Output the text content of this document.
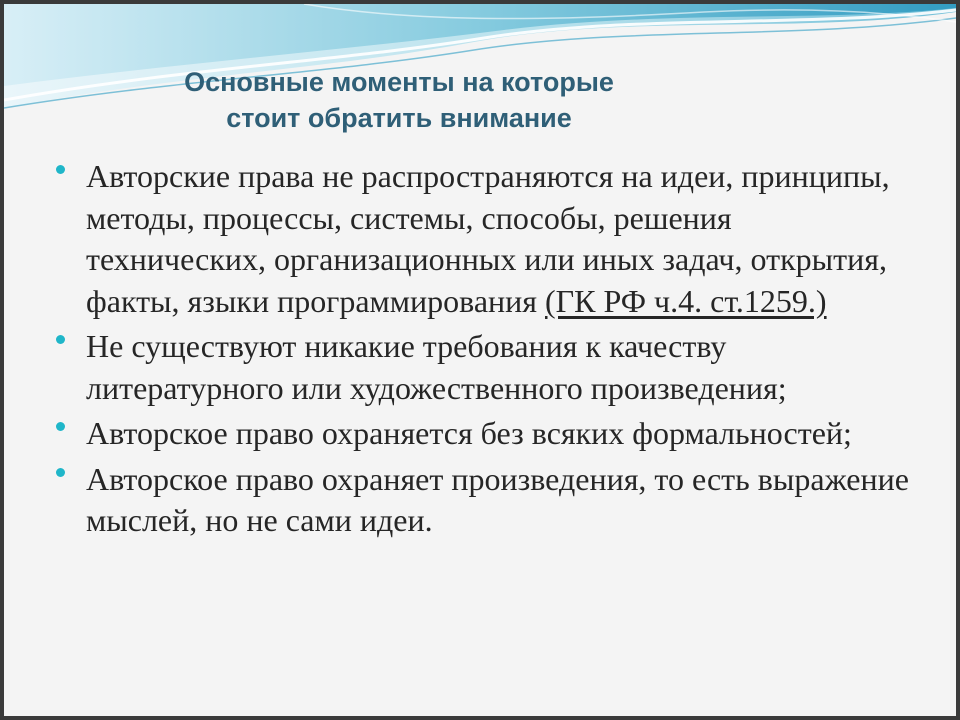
Основные моменты на которые
стоит обратить внимание
Авторские права не распространяются на идеи, принципы, методы, процессы, системы, способы, решения технических, организационных или иных задач, открытия, факты, языки программирования (ГК РФ ч.4. ст.1259.)
Не существуют никакие требования к качеству литературного или художественного произведения;
Авторское право охраняется без всяких формальностей;
Авторское право охраняет произведения, то есть выражение мыслей, но не сами идеи.
